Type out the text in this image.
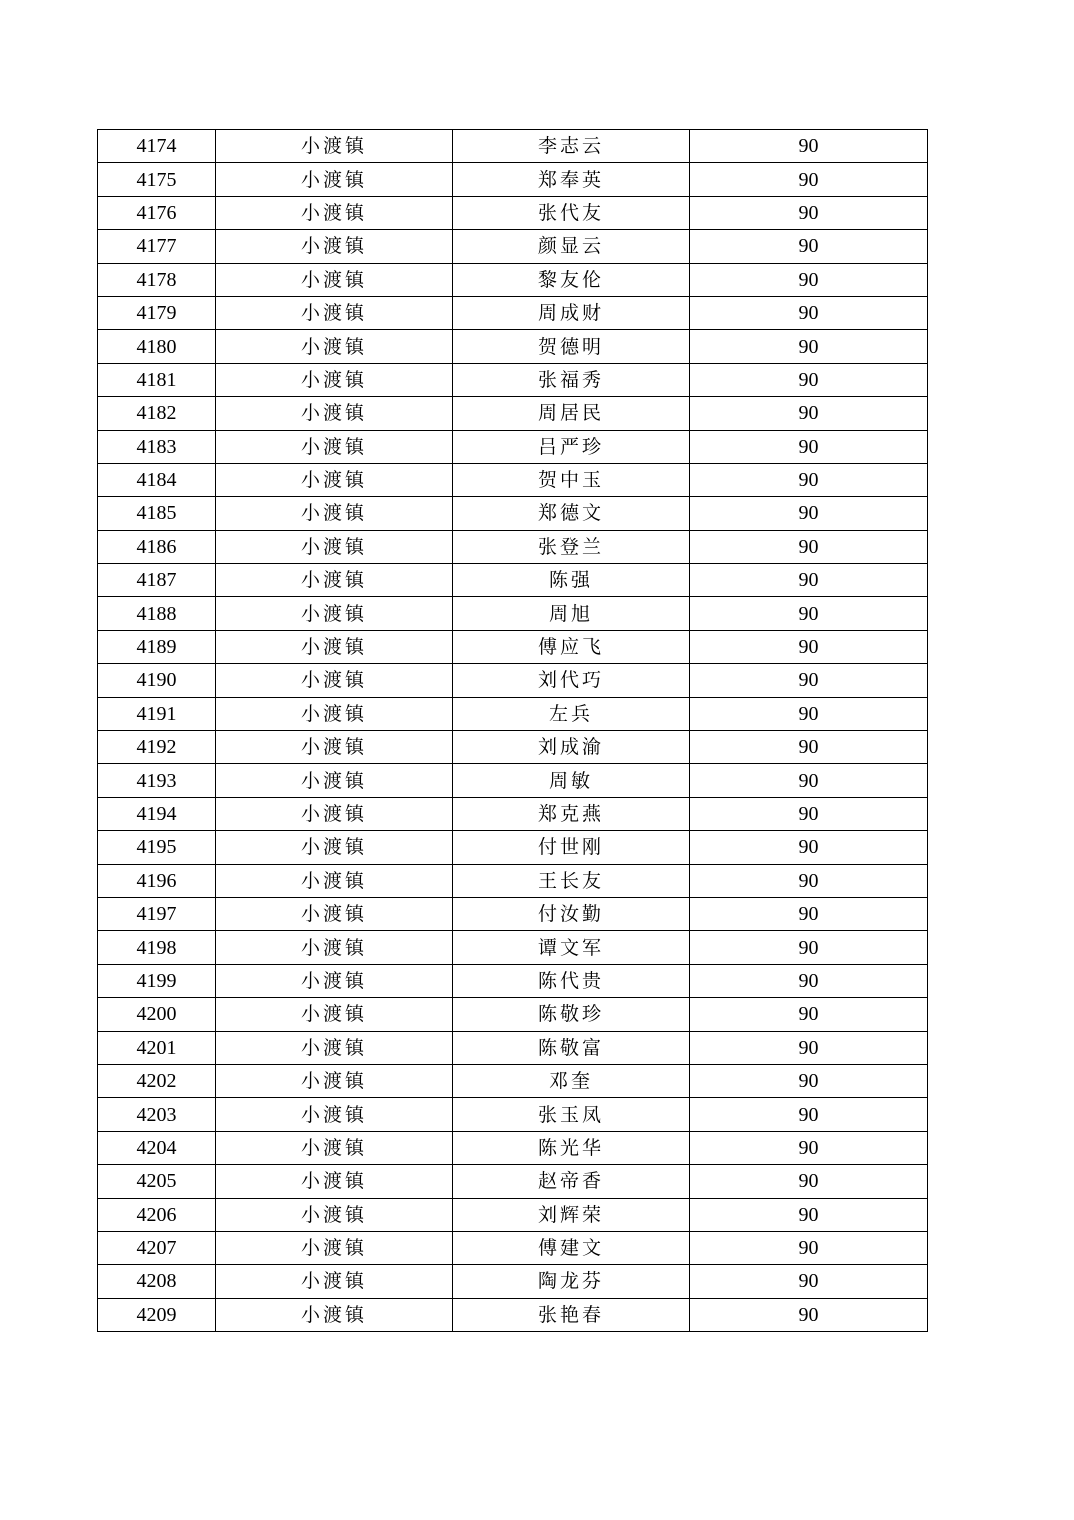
4174	小渡镇	李志云	90
4175	小渡镇	郑奉英	90
4176	小渡镇	张代友	90
4177	小渡镇	颜显云	90
4178	小渡镇	黎友伦	90
4179	小渡镇	周成财	90
4180	小渡镇	贺德明	90
4181	小渡镇	张福秀	90
4182	小渡镇	周居民	90
4183	小渡镇	吕严珍	90
4184	小渡镇	贺中玉	90
4185	小渡镇	郑德文	90
4186	小渡镇	张登兰	90
4187	小渡镇	陈强	90
4188	小渡镇	周旭	90
4189	小渡镇	傅应飞	90
4190	小渡镇	刘代巧	90
4191	小渡镇	左兵	90
4192	小渡镇	刘成渝	90
4193	小渡镇	周敏	90
4194	小渡镇	郑克燕	90
4195	小渡镇	付世刚	90
4196	小渡镇	王长友	90
4197	小渡镇	付汝勤	90
4198	小渡镇	谭文军	90
4199	小渡镇	陈代贵	90
4200	小渡镇	陈敬珍	90
4201	小渡镇	陈敬富	90
4202	小渡镇	邓奎	90
4203	小渡镇	张玉凤	90
4204	小渡镇	陈光华	90
4205	小渡镇	赵帝香	90
4206	小渡镇	刘辉荣	90
4207	小渡镇	傅建文	90
4208	小渡镇	陶龙芬	90
4209	小渡镇	张艳春	90
